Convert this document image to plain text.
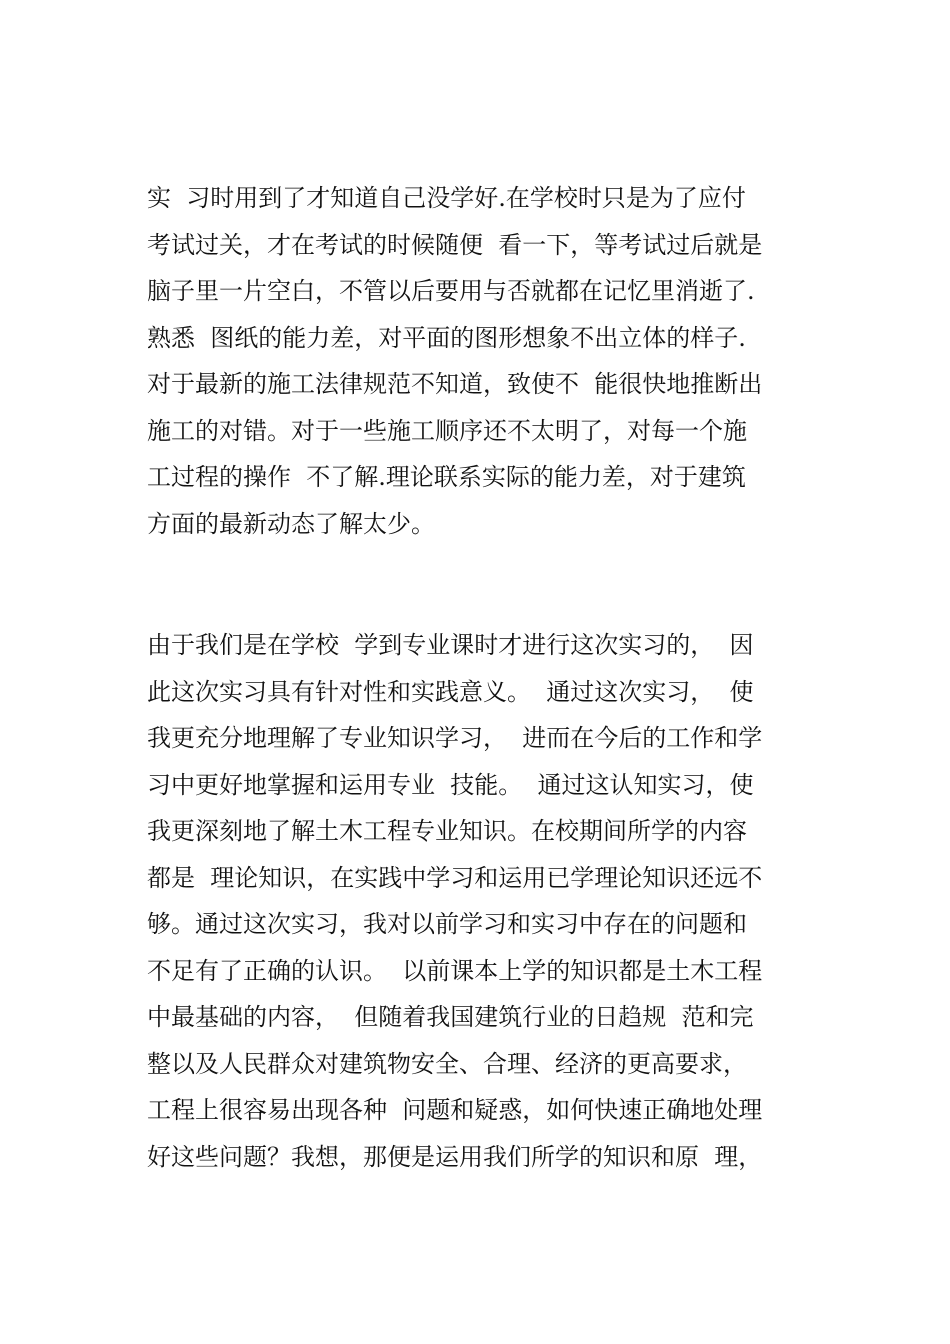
实  习时用到了才知道自己没学好.在学校时只是为了应付
考试过关，才在考试的时候随便  看一下，等考试过后就是
脑子里一片空白，不管以后要用与否就都在记忆里消逝了.
熟悉  图纸的能力差，对平面的图形想象不出立体的样子.
对于最新的施工法律规范不知道，致使不  能很快地推断出
施工的对错。对于一些施工顺序还不太明了，对每一个施
工过程的操作  不了解.理论联系实际的能力差，对于建筑
方面的最新动态了解太少。

由于我们是在学校  学到专业课时才进行这次实习的，  因
此这次实习具有针对性和实践意义。  通过这次实习，  使
我更充分地理解了专业知识学习，  进而在今后的工作和学
习中更好地掌握和运用专业  技能。  通过这认知实习，使
我更深刻地了解土木工程专业知识。在校期间所学的内容
都是  理论知识，在实践中学习和运用已学理论知识还远不
够。通过这次实习，我对以前学习和实习中存在的问题和
不足有了正确的认识。  以前课本上学的知识都是土木工程
中最基础的内容，  但随着我国建筑行业的日趋规  范和完
整以及人民群众对建筑物安全、合理、经济的更高要求，
工程上很容易出现各种  问题和疑惑，如何快速正确地处理
好这些问题？我想，那便是运用我们所学的知识和原  理，
